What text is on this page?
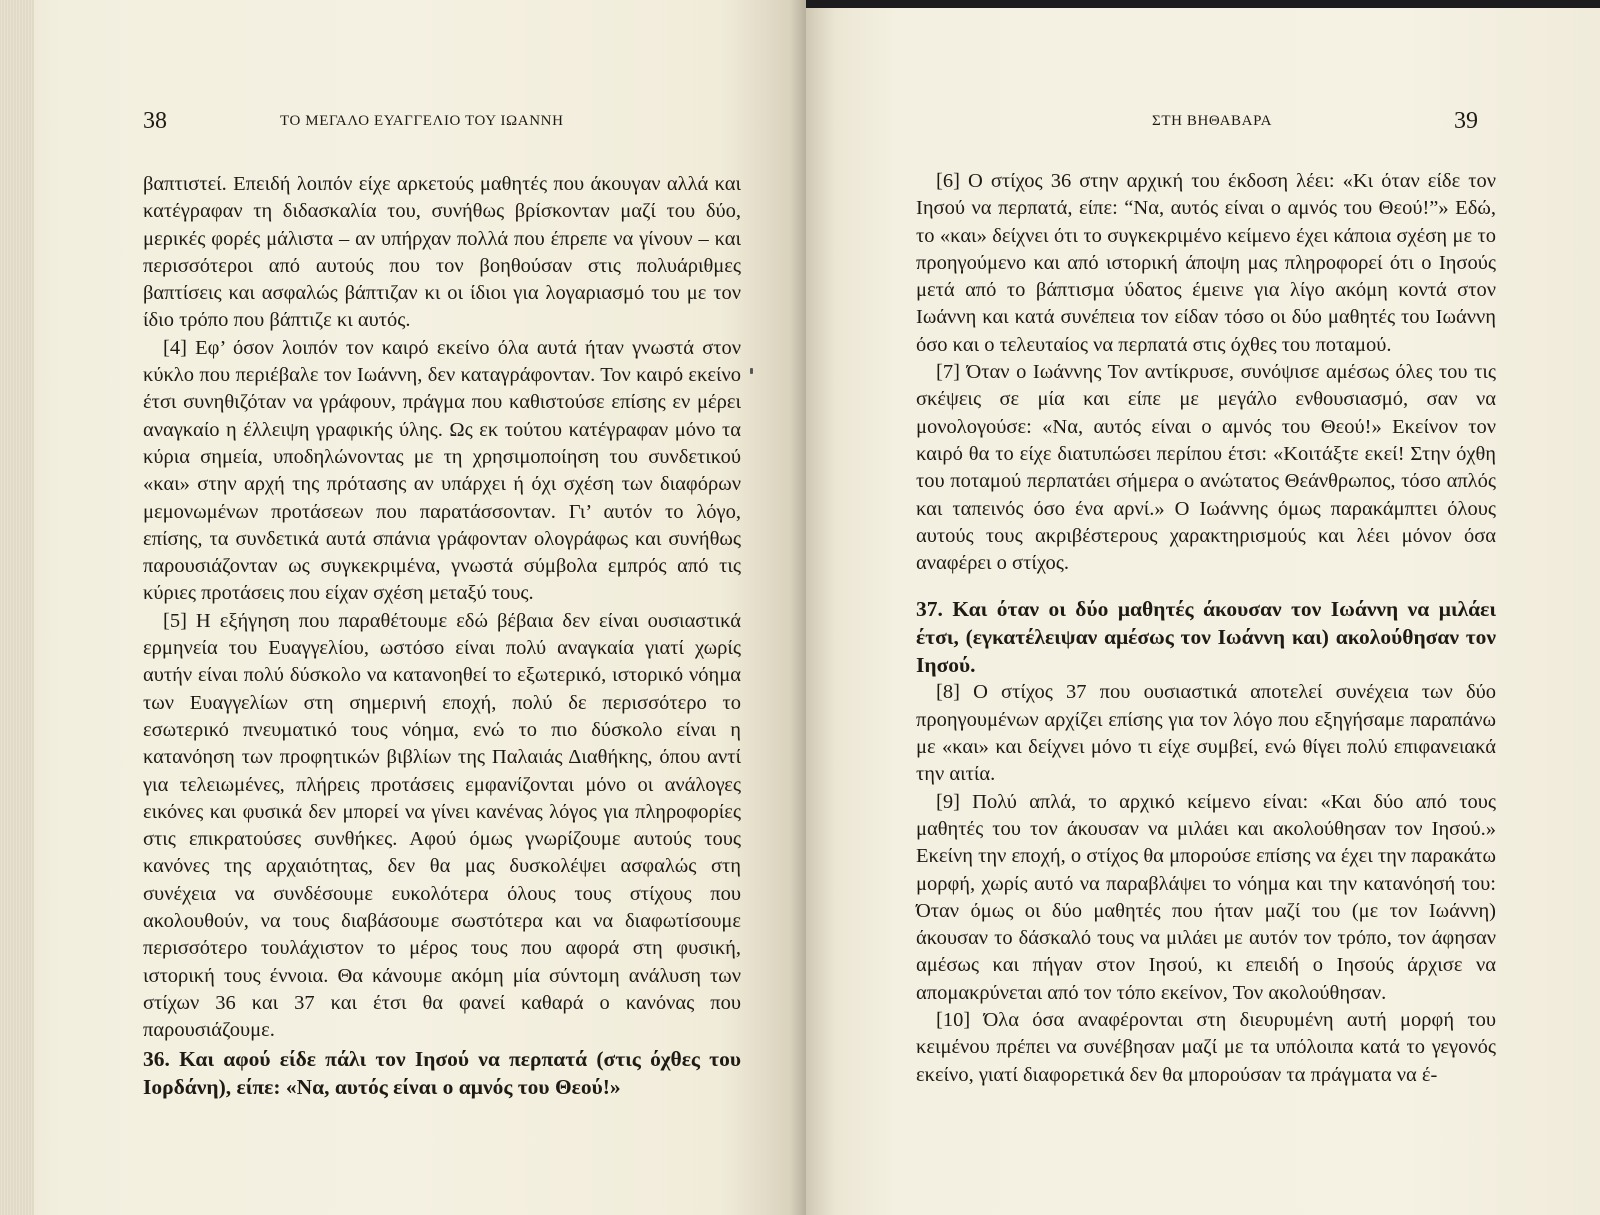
38	ΤΟ ΜΕΓΑΛΟ ΕΥΑΓΓΕΛΙΟ ΤΟΥ ΙΩΑΝΝΗ

βαπτιστεί. Επειδή λοιπόν είχε αρκετούς μαθητές που άκουγαν αλλά και κατέγραφαν τη διδασκαλία του, συνήθως βρίσκονταν μαζί του δύο, μερικές φορές μάλιστα – αν υπήρχαν πολλά που έπρεπε να γίνουν – και περισσότεροι από αυτούς που τον βοηθούσαν στις πολυάριθμες βαπτίσεις και ασφαλώς βάπτιζαν κι οι ίδιοι για λογαριασμό του με τον ίδιο τρόπο που βάπτιζε κι αυτός.

[4] Εφ’ όσον λοιπόν τον καιρό εκείνο όλα αυτά ήταν γνωστά στον κύκλο που περιέβαλε τον Ιωάννη, δεν καταγράφονταν. Τον καιρό εκείνο έτσι συνηθιζόταν να γράφουν, πράγμα που καθιστούσε επίσης εν μέρει αναγκαίο η έλλειψη γραφικής ύλης. Ως εκ τούτου κατέγραφαν μόνο τα κύρια σημεία, υποδηλώνοντας με τη χρησιμοποίηση του συνδετικού «και» στην αρχή της πρότασης αν υπάρχει ή όχι σχέση των διαφόρων μεμονωμένων προτάσεων που παρατάσσονταν. Γι’ αυτόν το λόγο, επίσης, τα συνδετικά αυτά σπάνια γράφονταν ολογράφως και συνήθως παρουσιάζονταν ως συγκεκριμένα, γνωστά σύμβολα εμπρός από τις κύριες προτάσεις που είχαν σχέση μεταξύ τους.

[5] Η εξήγηση που παραθέτουμε εδώ βέβαια δεν είναι ουσιαστικά ερμηνεία του Ευαγγελίου, ωστόσο είναι πολύ αναγκαία γιατί χωρίς αυτήν είναι πολύ δύσκολο να κατανοηθεί το εξωτερικό, ιστορικό νόημα των Ευαγγελίων στη σημερινή εποχή, πολύ δε περισσότερο το εσωτερικό πνευματικό τους νόημα, ενώ το πιο δύσκολο είναι η κατανόηση των προφητικών βιβλίων της Παλαιάς Διαθήκης, όπου αντί για τελειωμένες, πλήρεις προτάσεις εμφανίζονται μόνο οι ανάλογες εικόνες και φυσικά δεν μπορεί να γίνει κανένας λόγος για πληροφορίες στις επικρατούσες συνθήκες. Αφού όμως γνωρίζουμε αυτούς τους κανόνες της αρχαιότητας, δεν θα μας δυσκολέψει ασφαλώς στη συνέχεια να συνδέσουμε ευκολότερα όλους τους στίχους που ακολουθούν, να τους διαβάσουμε σωστότερα και να διαφωτίσουμε περισσότερο τουλάχιστον το μέρος τους που αφορά στη φυσική, ιστορική τους έννοια. Θα κάνουμε ακόμη μία σύντομη ανάλυση των στίχων 36 και 37 και έτσι θα φανεί καθαρά ο κανόνας που παρουσιάζουμε.

36. Και αφού είδε πάλι τον Ιησού να περπατά (στις όχθες του Ιορδάνη), είπε: «Να, αυτός είναι ο αμνός του Θεού!»

ΣΤΗ ΒΗΘΑΒΑΡΑ	39

[6] Ο στίχος 36 στην αρχική του έκδοση λέει: «Κι όταν είδε τον Ιησού να περπατά, είπε: “Να, αυτός είναι ο αμνός του Θεού!”» Εδώ, το «και» δείχνει ότι το συγκεκριμένο κείμενο έχει κάποια σχέση με το προηγούμενο και από ιστορική άποψη μας πληροφορεί ότι ο Ιησούς μετά από το βάπτισμα ύδατος έμεινε για λίγο ακόμη κοντά στον Ιωάννη και κατά συνέπεια τον είδαν τόσο οι δύο μαθητές του Ιωάννη όσο και ο τελευταίος να περπατά στις όχθες του ποταμού.

[7] Όταν ο Ιωάννης Τον αντίκρυσε, συνόψισε αμέσως όλες του τις σκέψεις σε μία και είπε με μεγάλο ενθουσιασμό, σαν να μονολογούσε: «Να, αυτός είναι ο αμνός του Θεού!» Εκείνον τον καιρό θα το είχε διατυπώσει περίπου έτσι: «Κοιτάξτε εκεί! Στην όχθη του ποταμού περπατάει σήμερα ο ανώτατος Θεάνθρωπος, τόσο απλός και ταπεινός όσο ένα αρνί.» Ο Ιωάννης όμως παρακάμπτει όλους αυτούς τους ακριβέστερους χαρακτηρισμούς και λέει μόνον όσα αναφέρει ο στίχος.

37. Και όταν οι δύο μαθητές άκουσαν τον Ιωάννη να μιλάει έτσι, (εγκατέλειψαν αμέσως τον Ιωάννη και) ακολούθησαν τον Ιησού.

[8] Ο στίχος 37 που ουσιαστικά αποτελεί συνέχεια των δύο προηγουμένων αρχίζει επίσης για τον λόγο που εξηγήσαμε παραπάνω με «και» και δείχνει μόνο τι είχε συμβεί, ενώ θίγει πολύ επιφανειακά την αιτία.

[9] Πολύ απλά, το αρχικό κείμενο είναι: «Και δύο από τους μαθητές του τον άκουσαν να μιλάει και ακολούθησαν τον Ιησού.» Εκείνη την εποχή, ο στίχος θα μπορούσε επίσης να έχει την παρακάτω μορφή, χωρίς αυτό να παραβλάψει το νόημα και την κατανόησή του: Όταν όμως οι δύο μαθητές που ήταν μαζί του (με τον Ιωάννη) άκουσαν το δάσκαλό τους να μιλάει με αυτόν τον τρόπο, τον άφησαν αμέσως και πήγαν στον Ιησού, κι επειδή ο Ιησούς άρχισε να απομακρύνεται από τον τόπο εκείνον, Τον ακολούθησαν.

[10] Όλα όσα αναφέρονται στη διευρυμένη αυτή μορφή του κειμένου πρέπει να συνέβησαν μαζί με τα υπόλοιπα κατά το γεγονός εκείνο, γιατί διαφορετικά δεν θα μπορούσαν τα πράγματα να έ-
